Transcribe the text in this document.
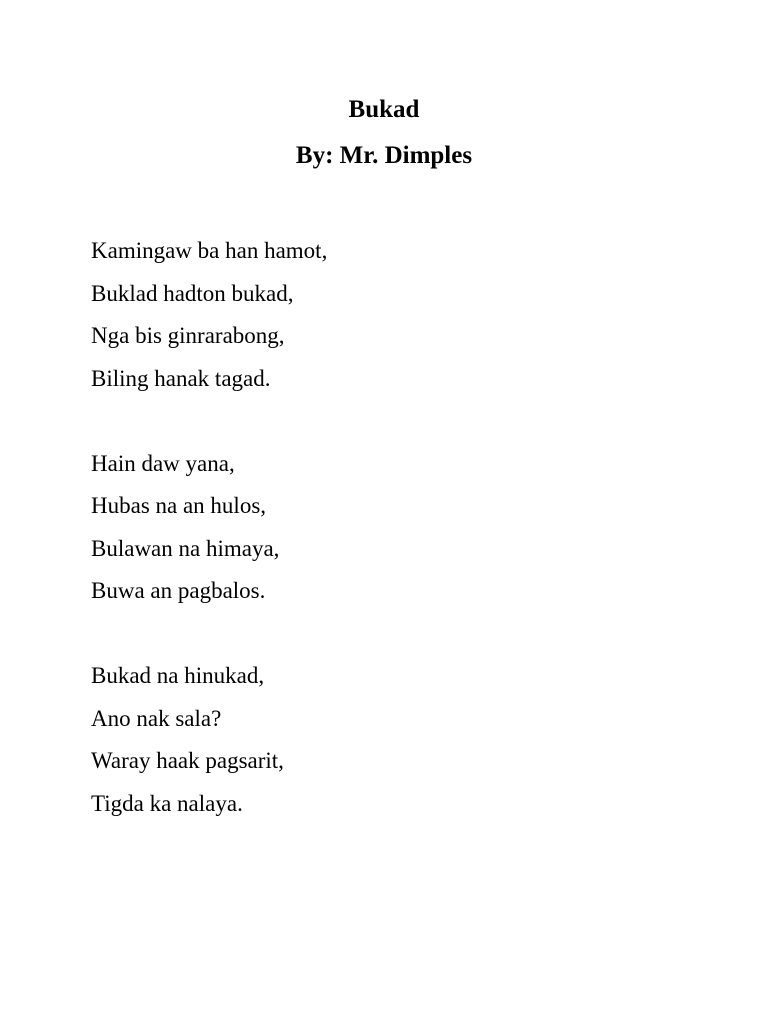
Bukad
By: Mr. Dimples
Kamingaw ba han hamot,
Buklad hadton bukad,
Nga bis ginrarabong,
Biling hanak tagad.
Hain daw yana,
Hubas na an hulos,
Bulawan na himaya,
Buwa an pagbalos.
Bukad na hinukad,
Ano nak sala?
Waray haak pagsarit,
Tigda ka nalaya.
